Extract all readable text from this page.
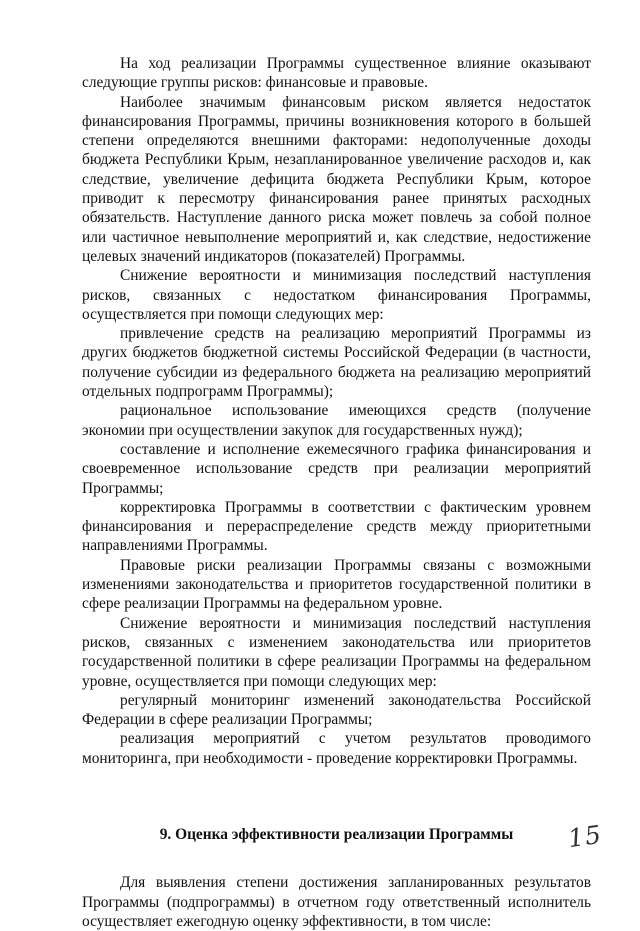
На ход реализации Программы существенное влияние оказывают следующие группы рисков: финансовые и правовые.

Наиболее значимым финансовым риском является недостаток финансирования Программы, причины возникновения которого в большей степени определяются внешними факторами: недополученные доходы бюджета Республики Крым, незапланированное увеличение расходов и, как следствие, увеличение дефицита бюджета Республики Крым, которое приводит к пересмотру финансирования ранее принятых расходных обязательств. Наступление данного риска может повлечь за собой полное или частичное невыполнение мероприятий и, как следствие, недостижение целевых значений индикаторов (показателей) Программы.

Снижение вероятности и минимизация последствий наступления рисков, связанных с недостатком финансирования Программы, осуществляется при помощи следующих мер:

привлечение средств на реализацию мероприятий Программы из других бюджетов бюджетной системы Российской Федерации (в частности, получение субсидии из федерального бюджета на реализацию мероприятий отдельных подпрограмм Программы);

рациональное использование имеющихся средств (получение экономии при осуществлении закупок для государственных нужд);

составление и исполнение ежемесячного графика финансирования и своевременное использование средств при реализации мероприятий Программы;

корректировка Программы в соответствии с фактическим уровнем финансирования и перераспределение средств между приоритетными направлениями Программы.

Правовые риски реализации Программы связаны с возможными изменениями законодательства и приоритетов государственной политики в сфере реализации Программы на федеральном уровне.

Снижение вероятности и минимизация последствий наступления рисков, связанных с изменением законодательства или приоритетов государственной политики в сфере реализации Программы на федеральном уровне, осуществляется при помощи следующих мер:

регулярный мониторинг изменений законодательства Российской Федерации в сфере реализации Программы;

реализация мероприятий с учетом результатов проводимого мониторинга, при необходимости - проведение корректировки Программы.

9. Оценка эффективности реализации Программы

Для выявления степени достижения запланированных результатов Программы (подпрограммы) в отчетном году ответственный исполнитель осуществляет ежегодную оценку эффективности, в том числе:

15
